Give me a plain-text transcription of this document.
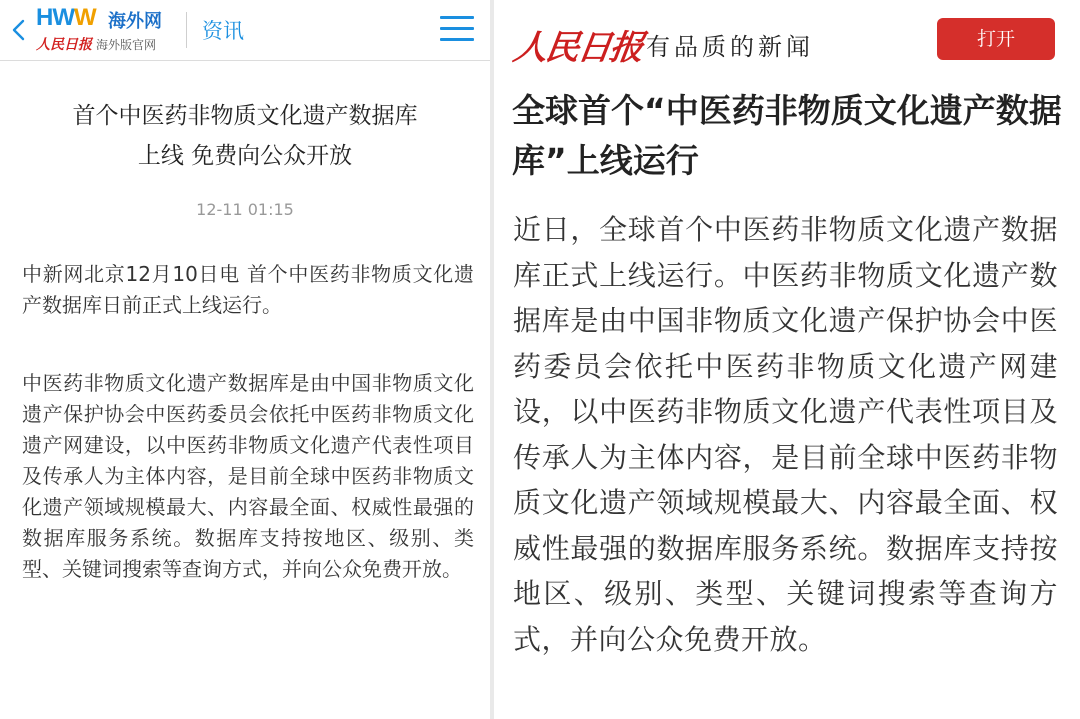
HWW 海外网
人民日报 海外版官网
资讯
首个中医药非物质文化遗产数据库
上线 免费向公众开放
12-11 01:15

中新网北京12月10日电 首个中医药非物质文化遗产数据库日前正式上线运行。

中医药非物质文化遗产数据库是由中国非物质文化遗产保护协会中医药委员会依托中医药非物质文化遗产网建设，以中医药非物质文化遗产代表性项目及传承人为主体内容，是目前全球中医药非物质文化遗产领域规模最大、内容最全面、权威性最强的数据库服务系统。数据库支持按地区、级别、类型、关键词搜索等查询方式，并向公众免费开放。

人民日报 有品质的新闻	打开
全球首个“中医药非物质文化遗产数据库”上线运行

近日，全球首个中医药非物质文化遗产数据库正式上线运行。中医药非物质文化遗产数据库是由中国非物质文化遗产保护协会中医药委员会依托中医药非物质文化遗产网建设，以中医药非物质文化遗产代表性项目及传承人为主体内容，是目前全球中医药非物质文化遗产领域规模最大、内容最全面、权威性最强的数据库服务系统。数据库支持按地区、级别、类型、关键词搜索等查询方式，并向公众免费开放。
